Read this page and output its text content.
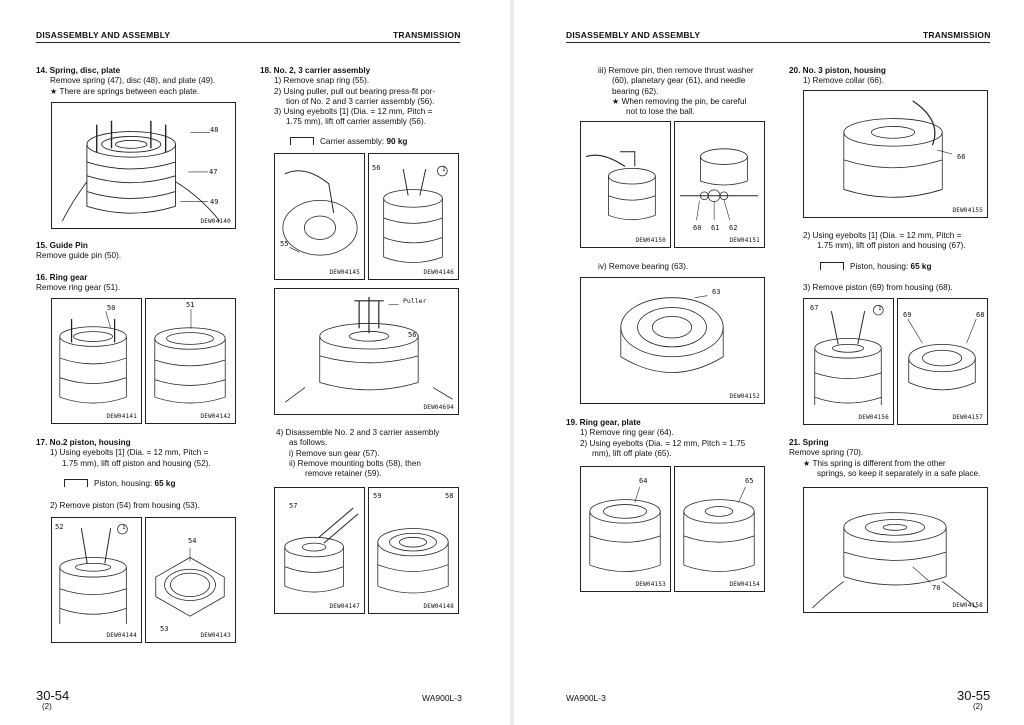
DISASSEMBLY AND ASSEMBLY	TRANSMISSION
14. Spring, disc, plate
Remove spring (47), disc (48), and plate (49).
★ There are springs between each plate.
48
47
49
DEW04140
15. Guide Pin
Remove guide pin (50).
16. Ring gear
Remove ring gear (51).
50
DEW04141
51
DEW04142
17. No.2 piston, housing
1) Using eyebolts [1] (Dia. = 12 mm, Pitch =
1.75 mm), lift off piston and housing (52).
Piston, housing: 65 kg
2) Remove piston (54) from housing (53).
52	1
DEW04144
54
53
DEW04143
18. No. 2, 3 carrier assembly
1) Remove snap ring (55).
2) Using puller, pull out bearing press-fit por-
tion of No. 2 and 3 carrier assembly (56).
3) Using eyebolts [1] (Dia. = 12 mm, Pitch =
1.75 mm), lift off carrier assembly (56).
Carrier assembly: 90 kg
55
DEW04145
56	1
DEW04146
Puller
56
DEW04694
4) Disassemble No. 2 and 3 carrier assembly
as follows.
i) Remove sun gear (57).
ii) Remove mounting bolts (58), then
remove retainer (59).
57
DEW04147
59	58
DEW04148
30-54
(2)
WA900L-3
DISASSEMBLY AND ASSEMBLY	TRANSMISSION
iii) Remove pin, then remove thrust washer
(60), planetary gear (61), and needle
bearing (62).
★ When removing the pin, be careful
not to lose the ball.
DEW04150
60 61 62
DEW04151
iv) Remove bearing (63).
63
DEW04152
19. Ring gear, plate
1) Remove ring gear (64).
2) Using eyebolts (Dia. = 12 mm, Pitch = 1.75
mm), lift off plate (65).
64
DEW04153
65
DEW04154
20. No. 3 piston, housing
1) Remove collar (66).
66
DEW04155
2) Using eyebolts [1] (Dia. = 12 mm, Pitch =
1.75 mm), lift off piston and housing (67).
Piston, housing: 65 kg
3) Remove piston (69) from housing (68).
67	1
DEW04156
69	68
DEW04157
21. Spring
Remove spring (70).
★ This spring is different from the other
springs, so keep it separately in a safe place.
70
DEW04158
WA900L-3	30-55
(2)
